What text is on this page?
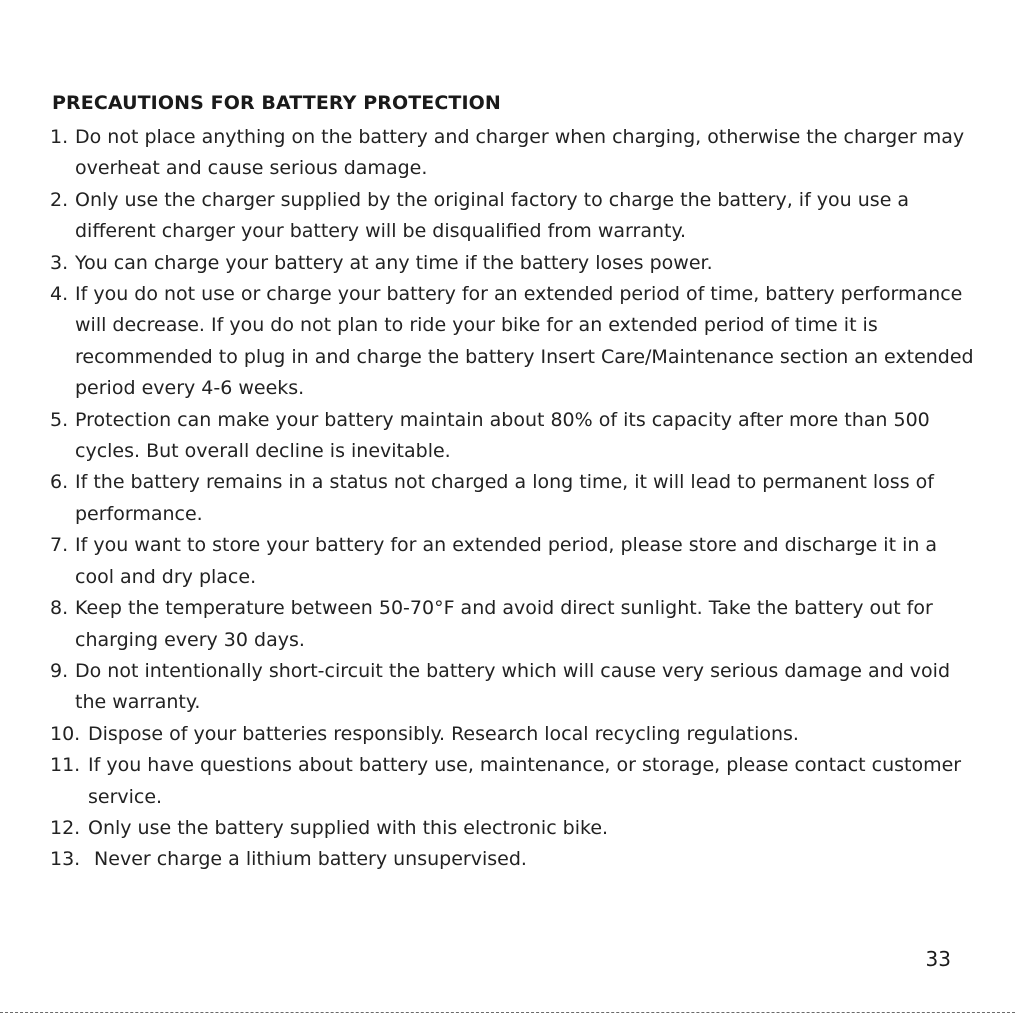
PRECAUTIONS FOR BATTERY PROTECTION
1. Do not place anything on the battery and charger when charging, otherwise the charger may overheat and cause serious damage.
2. Only use the charger supplied by the original factory to charge the battery, if you use a different charger your battery will be disqualified from warranty.
3. You can charge your battery at any time if the battery loses power.
4. If you do not use or charge your battery for an extended period of time, battery performance will decrease. If you do not plan to ride your bike for an extended period of time it is recommended to plug in and charge the battery Insert Care/Maintenance section an extended period every 4-6 weeks.
5. Protection can make your battery maintain about 80% of its capacity after more than 500 cycles. But overall decline is inevitable.
6. If the battery remains in a status not charged a long time, it will lead to permanent loss of performance.
7. If you want to store your battery for an extended period, please store and discharge it in a cool and dry place.
8. Keep the temperature between 50-70°F and avoid direct sunlight. Take the battery out for charging every 30 days.
9. Do not intentionally short-circuit the battery which will cause very serious damage and void the warranty.
10. Dispose of your batteries responsibly. Research local recycling regulations.
11. If you have questions about battery use, maintenance, or storage, please contact customer service.
12. Only use the battery supplied with this electronic bike.
13. Never charge a lithium battery unsupervised.
33
